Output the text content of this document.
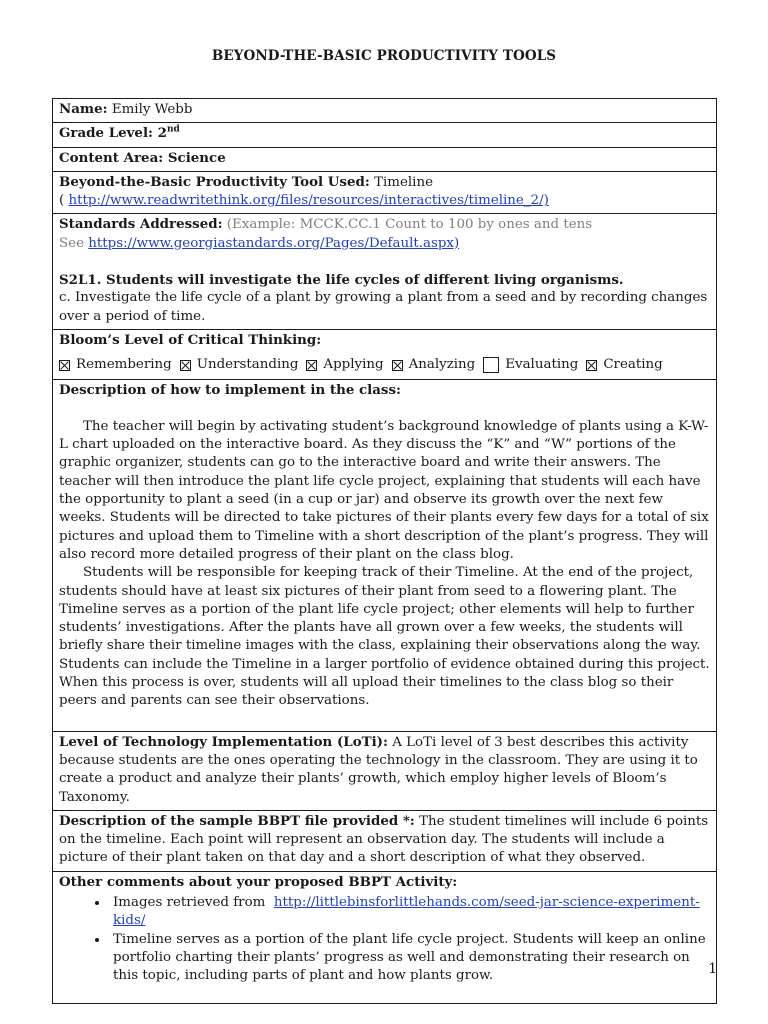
BEYOND-THE-BASIC PRODUCTIVITY TOOLS
Name: Emily Webb
Grade Level: 2nd
Content Area: Science
Beyond-the-Basic Productivity Tool Used: Timeline
( http://www.readwritethink.org/files/resources/interactives/timeline_2/)
Standards Addressed: (Example: MCCK.CC.1 Count to 100 by ones and tens
See https://www.georgiastandards.org/Pages/Default.aspx)

S2L1. Students will investigate the life cycles of different living organisms.

c. Investigate the life cycle of a plant by growing a plant from a seed and by recording changes over a period of time.

Bloom’s Level of Critical Thinking:
Remembering Understanding Applying Analyzing Evaluating Creating

Description of how to implement in the class:

The teacher will begin by activating student’s background knowledge of plants using a K-W-L chart uploaded on the interactive board. As they discuss the “K” and “W” portions of the graphic organizer, students can go to the interactive board and write their answers. The teacher will then introduce the plant life cycle project, explaining that students will each have the opportunity to plant a seed (in a cup or jar) and observe its growth over the next few weeks. Students will be directed to take pictures of their plants every few days for a total of six pictures and upload them to Timeline with a short description of the plant’s progress. They will also record more detailed progress of their plant on the class blog.

Students will be responsible for keeping track of their Timeline. At the end of the project, students should have at least six pictures of their plant from seed to a flowering plant. The Timeline serves as a portion of the plant life cycle project; other elements will help to further students’ investigations. After the plants have all grown over a few weeks, the students will briefly share their timeline images with the class, explaining their observations along the way. Students can include the Timeline in a larger portfolio of evidence obtained during this project. When this process is over, students will all upload their timelines to the class blog so their peers and parents can see their observations.

Level of Technology Implementation (LoTi): A LoTi level of 3 best describes this activity because students are the ones operating the technology in the classroom. They are using it to create a product and analyze their plants’ growth, which employ higher levels of Bloom’s Taxonomy.
Description of the sample BBPT file provided *: The student timelines will include 6 points on the timeline. Each point will represent an observation day. The students will include a picture of their plant taken on that day and a short description of what they observed.
Other comments about your proposed BBPT Activity:
• Images retrieved from http://littlebinsforlittlehands.com/seed-jar-science-experiment-kids/
• Timeline serves as a portion of the plant life cycle project. Students will keep an online portfolio charting their plants’ progress as well and demonstrating their research on this topic, including parts of plant and how plants grow.	1
